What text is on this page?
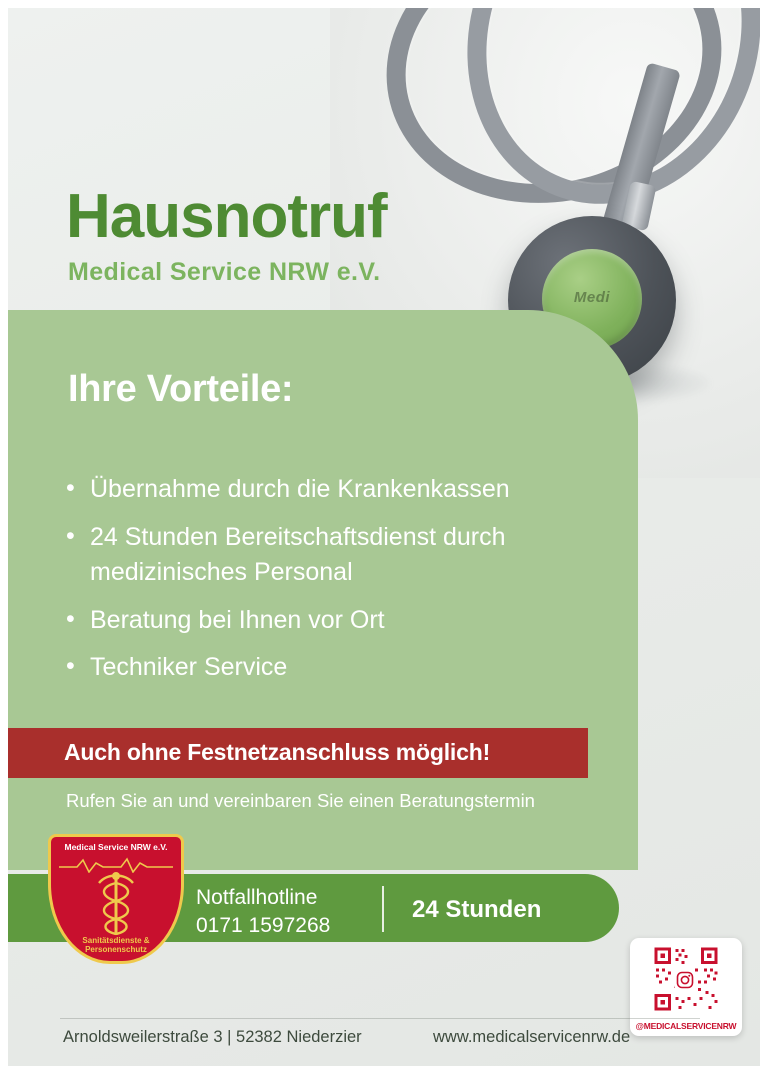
Medi
Hausnotruf
Medical Service NRW e.V.
Ihre Vorteile:
• Übernahme durch die Krankenkassen
• 24 Stunden Bereitschaftsdienst durch medizinisches Personal
• Beratung bei Ihnen vor Ort
• Techniker Service
Auch ohne Festnetzanschluss möglich!
Rufen Sie an und vereinbaren Sie einen Beratungstermin
Notfallhotline
0171 1597268
24 Stunden
Medical Service NRW e.V.
Sanitätsdienste & Personenschutz
@MEDICALSERVICENRW
Arnoldsweilerstraße 3 | 52382 Niederzier	www.medicalservicenrw.de
